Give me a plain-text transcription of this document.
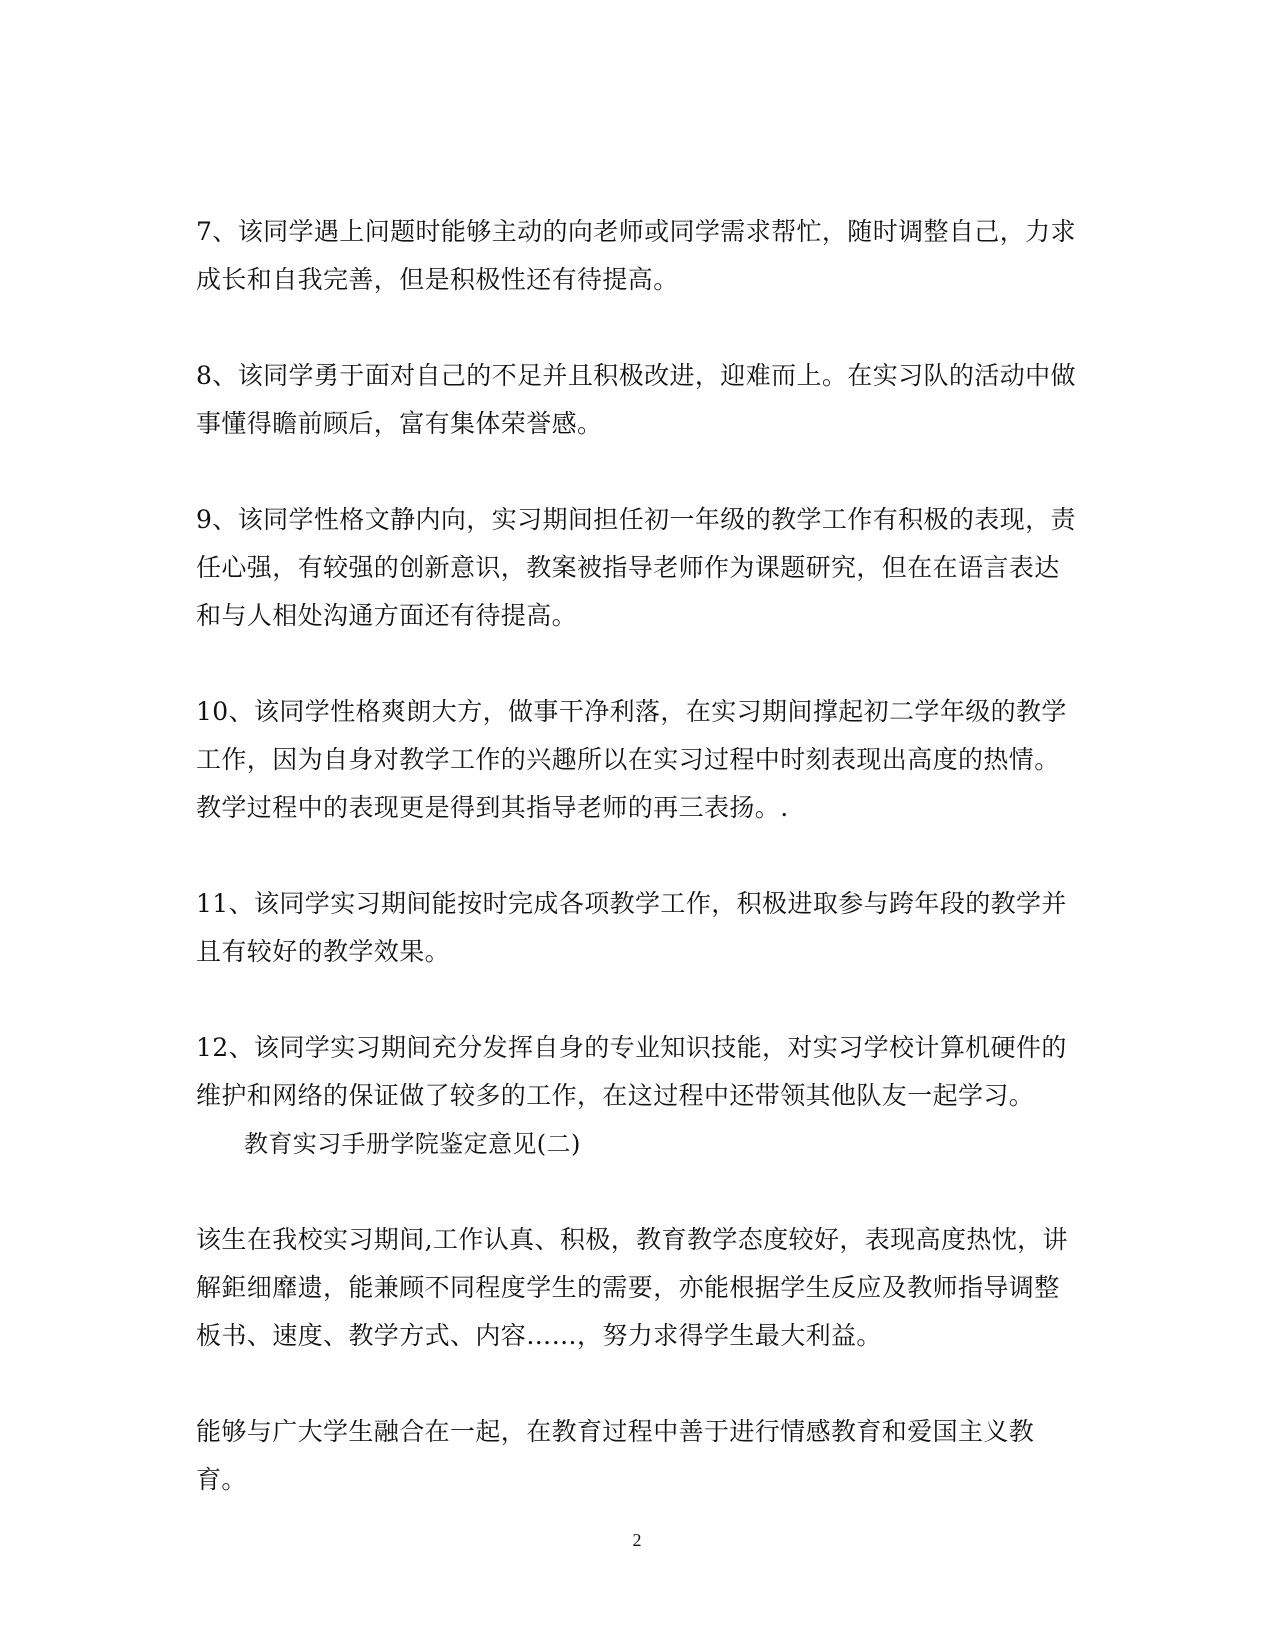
7、该同学遇上问题时能够主动的向老师或同学需求帮忙，随时调整自己，力求成长和自我完善，但是积极性还有待提高。

8、该同学勇于面对自己的不足并且积极改进，迎难而上。在实习队的活动中做事懂得瞻前顾后，富有集体荣誉感。

9、该同学性格文静内向，实习期间担任初一年级的教学工作有积极的表现，责任心强，有较强的创新意识，教案被指导老师作为课题研究，但在在语言表达和与人相处沟通方面还有待提高。

10、该同学性格爽朗大方，做事干净利落，在实习期间撑起初二学年级的教学工作，因为自身对教学工作的兴趣所以在实习过程中时刻表现出高度的热情。教学过程中的表现更是得到其指导老师的再三表扬。.

11、该同学实习期间能按时完成各项教学工作，积极进取参与跨年段的教学并且有较好的教学效果。

12、该同学实习期间充分发挥自身的专业知识技能，对实习学校计算机硬件的维护和网络的保证做了较多的工作，在这过程中还带领其他队友一起学习。

教育实习手册学院鉴定意见(二)

该生在我校实习期间,工作认真、积极，教育教学态度较好，表现高度热忱，讲解鉅细靡遗，能兼顾不同程度学生的需要，亦能根据学生反应及教师指导调整板书、速度、教学方式、内容……，努力求得学生最大利益。

能够与广大学生融合在一起，在教育过程中善于进行情感教育和爱国主义教育。

2
